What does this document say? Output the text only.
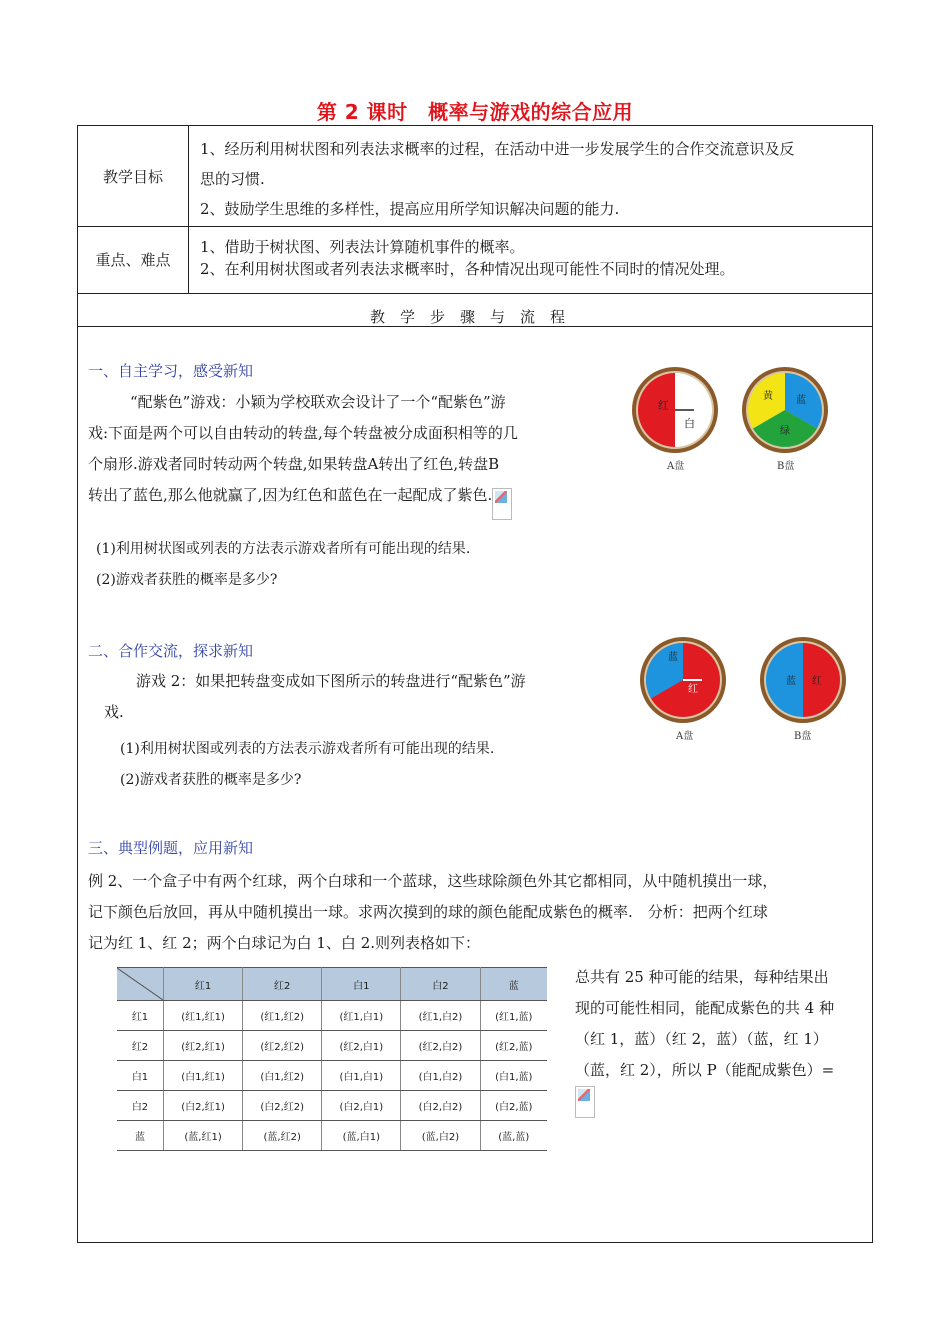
第 2 课时　概率与游戏的综合应用
教学目标
1、经历利用树状图和列表法求概率的过程，在活动中进一步发展学生的合作交流意识及反
思的习惯.
2、鼓励学生思维的多样性，提高应用所学知识解决问题的能力.
重点、难点
1、借助于树状图、列表法计算随机事件的概率。
2、在利用树状图或者列表法求概率时，各种情况出现可能性不同时的情况处理。
教学步骤与流程
一、自主学习，感受新知
“配紫色”游戏：小颖为学校联欢会设计了一个“配紫色”游
戏:下面是两个可以自由转动的转盘,每个转盘被分成面积相等的几
个扇形.游戏者同时转动两个转盘,如果转盘A转出了红色,转盘B
转出了蓝色,那么他就赢了,因为红色和蓝色在一起配成了紫色.
(1)利用树状图或列表的方法表示游戏者所有可能出现的结果.
(2)游戏者获胜的概率是多少?
红
白
A盘
黄 蓝
绿
B盘
二、合作交流，探求新知
游戏 2：如果把转盘变成如下图所示的转盘进行“配紫色”游
戏.
(1)利用树状图或列表的方法表示游戏者所有可能出现的结果.
(2)游戏者获胜的概率是多少?
蓝
红
A盘
蓝 红
B盘
三、典型例题，应用新知
例 2、一个盒子中有两个红球，两个白球和一个蓝球，这些球除颜色外其它都相同，从中随机摸出一球，
记下颜色后放回，再从中随机摸出一球。求两次摸到的球的颜色能配成紫色的概率.　分析：把两个红球
记为红 1、红 2；两个白球记为白 1、白 2.则列表格如下：
	红1	红2	白1	白2	蓝
红1	(红1,红1)	(红1,红2)	(红1,白1)	(红1,白2)	(红1,蓝)
红2	(红2,红1)	(红2,红2)	(红2,白1)	(红2,白2)	(红2,蓝)
白1	(白1,红1)	(白1,红2)	(白1,白1)	(白1,白2)	(白1,蓝)
白2	(白2,红1)	(白2,红2)	(白2,白1)	(白2,白2)	(白2,蓝)
蓝	(蓝,红1)	(蓝,红2)	(蓝,白1)	(蓝,白2)	(蓝,蓝)
总共有 25 种可能的结果，每种结果出
现的可能性相同，能配成紫色的共 4 种
（红 1，蓝）（红 2，蓝）（蓝，红 1）
（蓝，红 2），所以 P（能配成紫色）=
